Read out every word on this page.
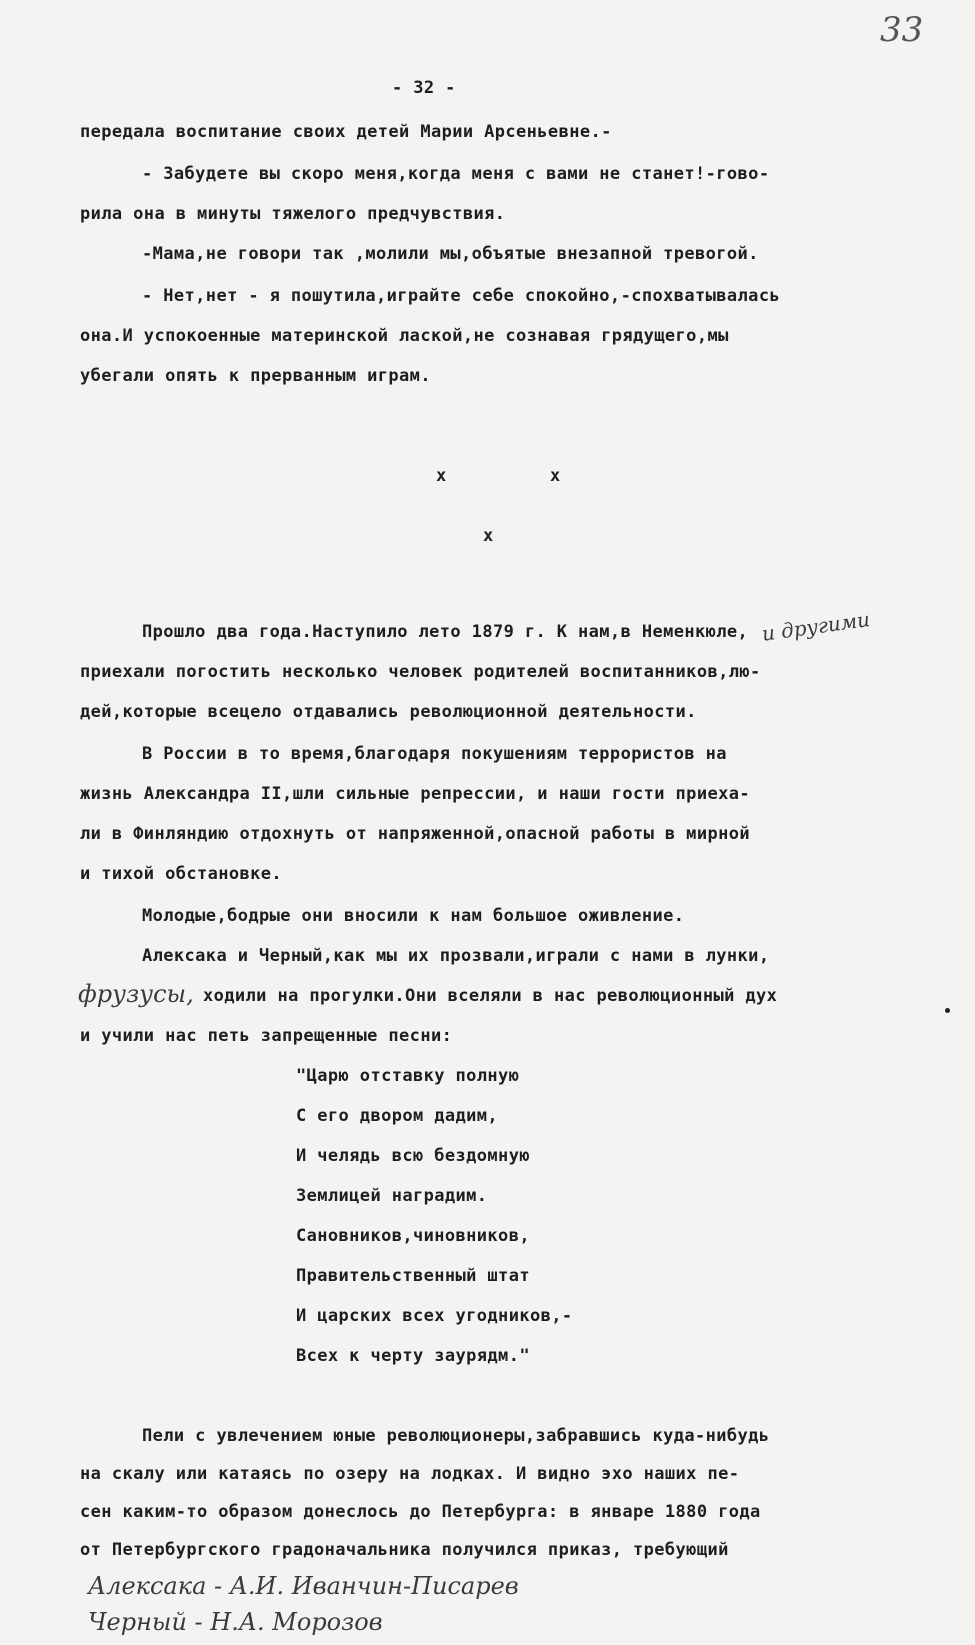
33
- 32 -
передала воспитание своих детей Марии Арсеньевне.-
- Забудете вы скоро меня,когда меня с вами не станет!-гово-
рила она в минуты тяжелого предчувствия.
-Мама,не говори так ,молили мы,объятые внезапной тревогой.
- Нет,нет - я пошутила,играйте себе спокойно,-спохватывалась
она.И успокоенные материнской лаской,не сознавая грядущего,мы
убегали опять к прерванным играм.
x	x
x
Прошло два года.Наступило лето 1879 г. К нам,в Неменкюле, и другими
приехали погостить несколько человек родителей воспитанников,лю-
дей,которые всецело отдавались революционной деятельности.
В России в то время,благодаря покушениям террористов на
жизнь Александра II,шли сильные репрессии, и наши гости приеха-
ли в Финляндию отдохнуть от напряженной,опасной работы в мирной
и тихой обстановке.
Молодые,бодрые они вносили к нам большое оживление.
Алексака и Черный,как мы их прозвали,играли с нами в лунки,
фрузусы, ходили на прогулки.Они вселяли в нас революционный дух
и учили нас петь запрещенные песни:
"Царю отставку полную
С его двором дадим,
И челядь всю бездомную
Землицей наградим.
Сановников,чиновников,
Правительственный штат
И царских всех угодников,-
Всех к черту заурядм."
Пели с увлечением юные революционеры,забравшись куда-нибудь
на скалу или катаясь по озеру на лодках. И видно эхо наших пе-
сен каким-то образом донеслось до Петербурга: в январе 1880 года
от Петербургского градоначальника получился приказ, требующий
Алексака - А.И. Иванчин-Писарев
Черный - Н.А. Морозов
